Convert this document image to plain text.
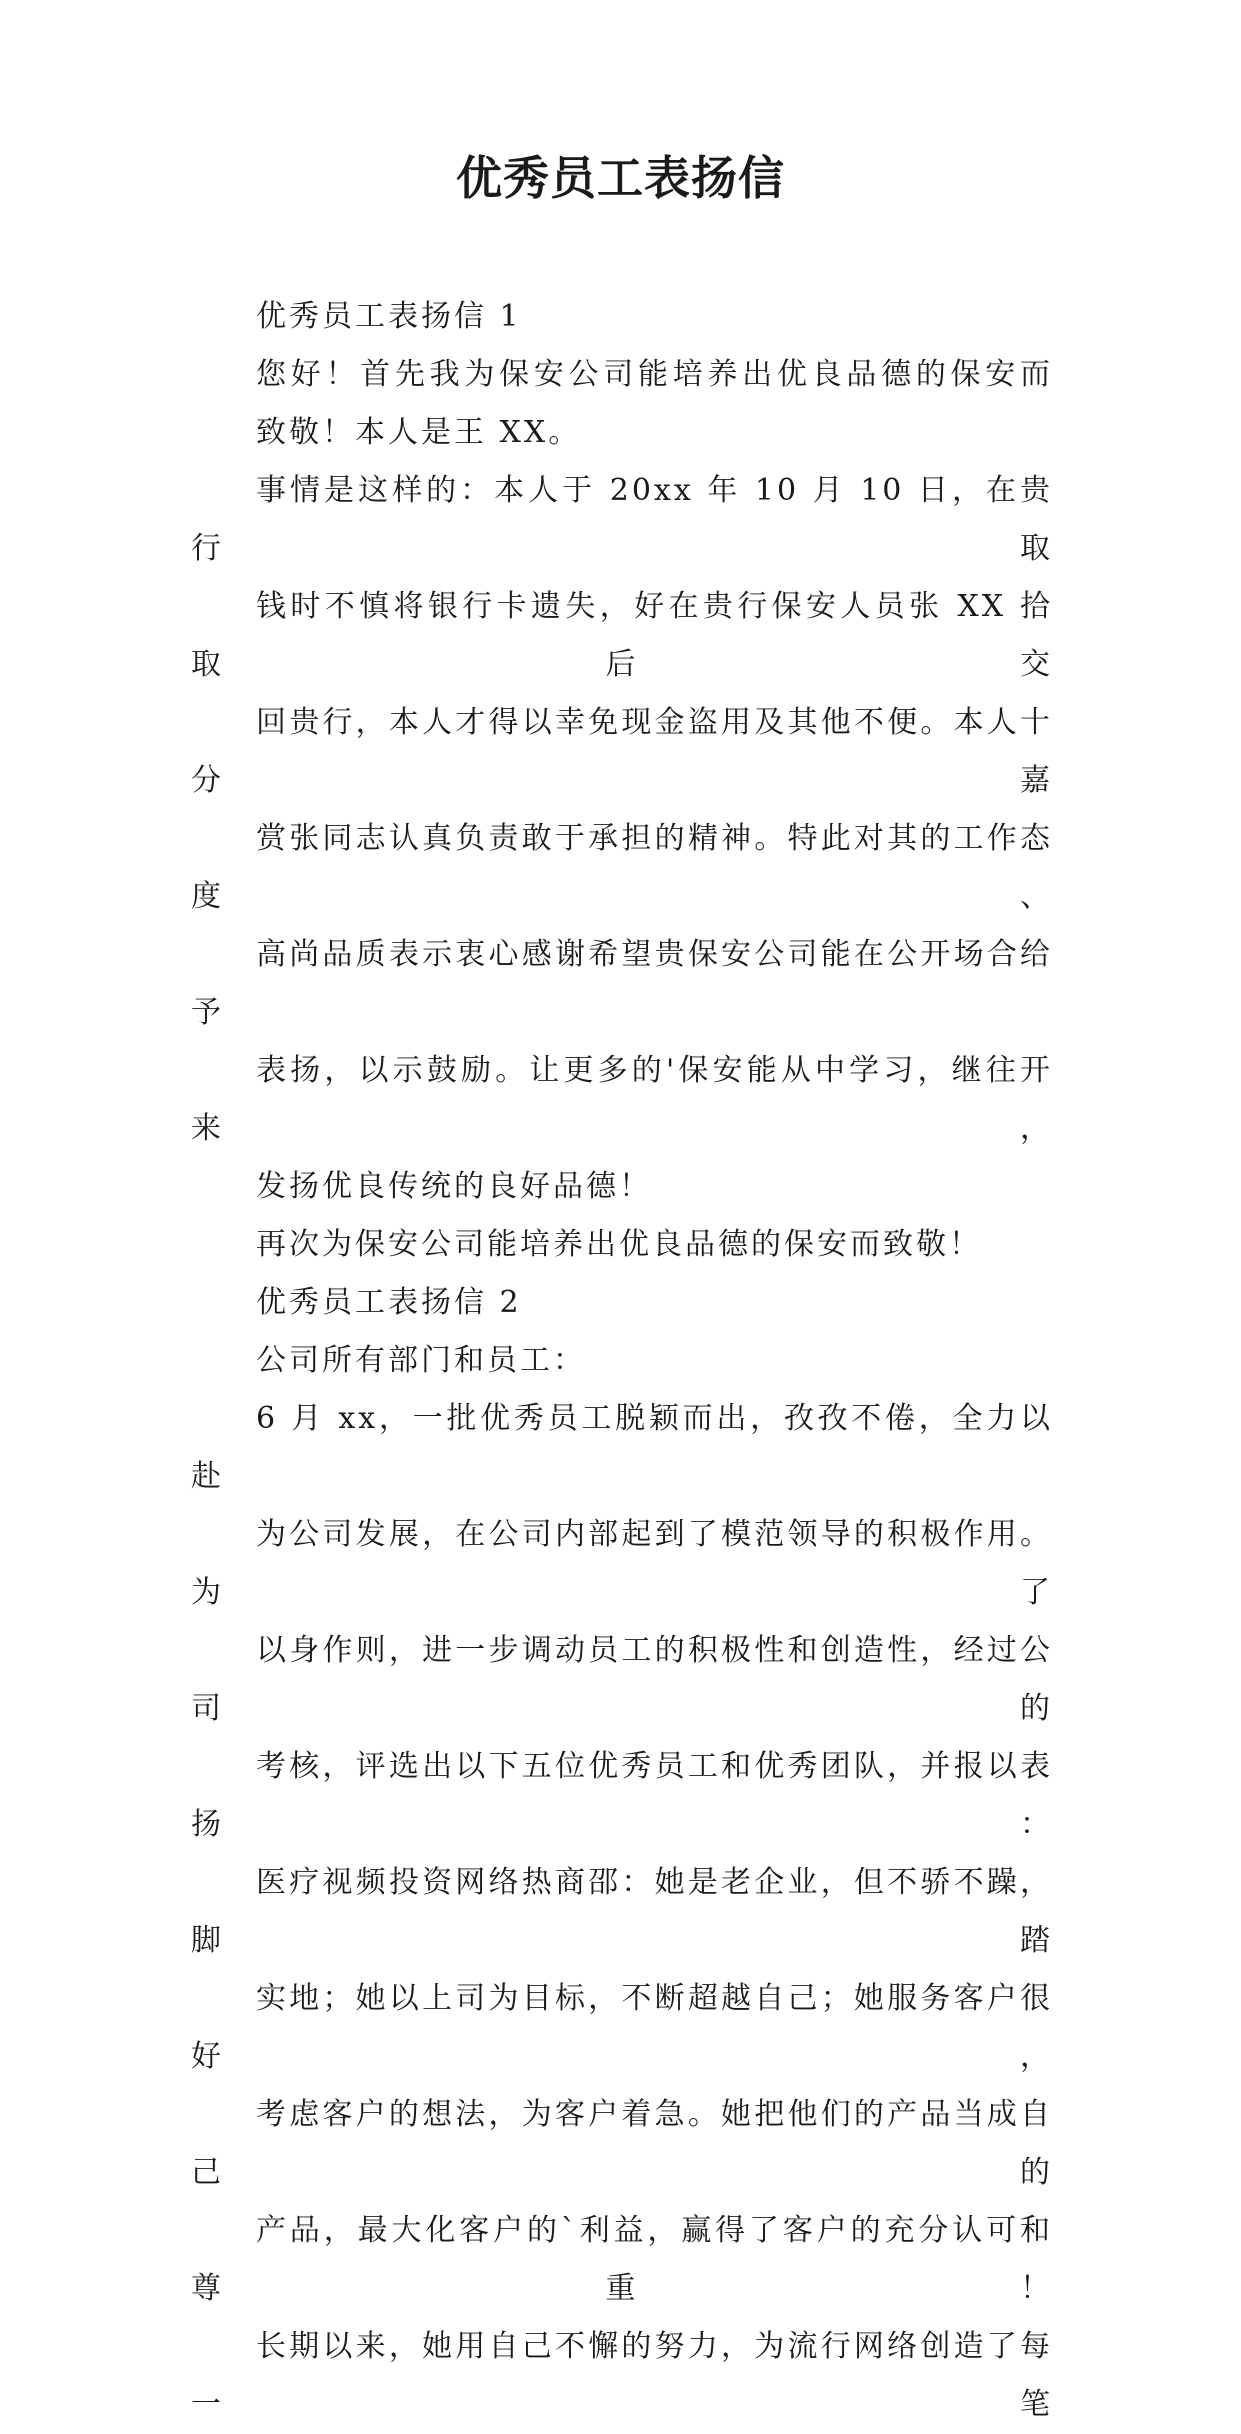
优秀员工表扬信

优秀员工表扬信 1

您好！首先我为保安公司能培养出优良品德的保安而
致敬！本人是王 XX。

事情是这样的：本人于 20xx 年 10 月 10 日，在贵行取
钱时不慎将银行卡遗失，好在贵行保安人员张 XX 拾取后交
回贵行，本人才得以幸免现金盗用及其他不便。本人十分嘉
赏张同志认真负责敢于承担的精神。特此对其的工作态度、
高尚品质表示衷心感谢希望贵保安公司能在公开场合给予
表扬，以示鼓励。让更多的'保安能从中学习，继往开来，
发扬优良传统的良好品德！

再次为保安公司能培养出优良品德的保安而致敬！

优秀员工表扬信 2

公司所有部门和员工：

6 月 xx，一批优秀员工脱颖而出，孜孜不倦，全力以赴
为公司发展，在公司内部起到了模范领导的积极作用。为了
以身作则，进一步调动员工的积极性和创造性，经过公司的
考核，评选出以下五位优秀员工和优秀团队，并报以表扬：
医疗视频投资网络热商邵：她是老企业，但不骄不躁，脚踏
实地；她以上司为目标，不断超越自己；她服务客户很好，
考虑客户的想法，为客户着急。她把他们的产品当成自己的
产品，最大化客户的`利益，赢得了客户的充分认可和尊重！
长期以来，她用自己不懈的努力，为流行网络创造了每一笔
